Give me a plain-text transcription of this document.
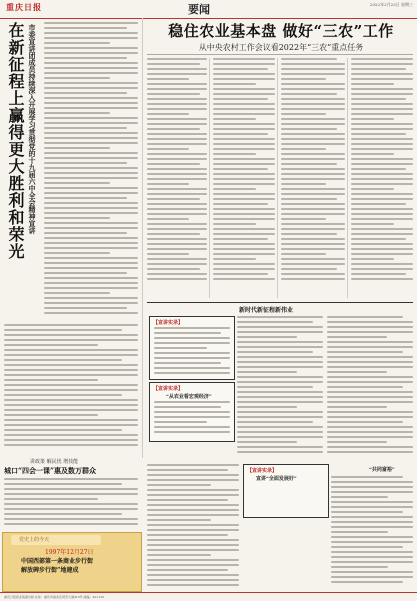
重庆日报	要闻	2022年2月23日 星期三
在新征程上赢得更大胜利和荣光 市委宣讲团成员持续深入开展学习贯彻党的十九届六中全会精神宣讲	稳住农业基本盘 做好“三农”工作
从中央农村工作会议看2022年“三农”重点任务
新时代新征程新伟业
【宣讲实录】
【宣讲实录】
“从农业看宏观经济”
讲政策 解民忧 增技能
城口“四会一课”惠及数万群众	【宣讲实录】
宣讲“全面发展好”
“共同富裕”
党史上的今天
1997年12月27日
中国西部第一条商业步行街
解放碑步行街”地建成
重庆日报报业集团出版 社址：重庆市渝北区同茂大道416号 邮编：401120
